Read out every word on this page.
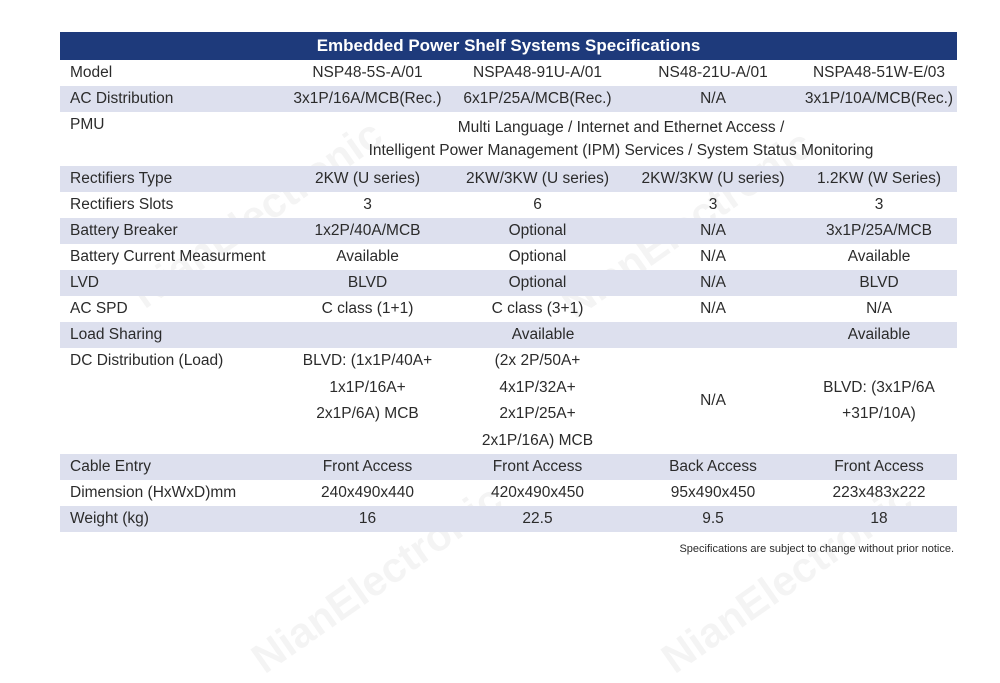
Embedded Power Shelf Systems Specifications
Model	NSP48-5S-A/01	NSPA48-91U-A/01	NS48-21U-A/01	NSPA48-51W-E/03
AC Distribution	3x1P/16A/MCB(Rec.)	6x1P/25A/MCB(Rec.)	N/A	3x1P/10A/MCB(Rec.)
PMU	Multi Language / Internet and Ethernet Access /
Intelligent Power Management (IPM) Services / System Status Monitoring			

Rectifiers Type	2KW (U series)	2KW/3KW (U series)	2KW/3KW (U series)	1.2KW (W Series)
Rectifiers Slots	3	6	3	3
Battery Breaker	1x2P/40A/MCB	Optional	N/A	3x1P/25A/MCB
Battery Current Measurment	Available	Optional	N/A	Available
LVD	BLVD	Optional	N/A	BLVD
AC SPD	C class (1+1)	C class (3+1)	N/A	N/A
Load Sharing	Available			Available
DC Distribution (Load)	BLVD: (1x1P/40A+
1x1P/16A+
2x1P/6A) MCB	(2x 2P/50A+
4x1P/32A+
2x1P/25A+
2x1P/16A) MCB	N/A	BLVD: (3x1P/6A
+31P/10A)

Cable Entry	Front Access	Front Access	Back Access	Front Access
Dimension (HxWxD)mm	240x490x440	420x490x450	95x490x450	223x483x222
Weight (kg)	16	22.5	9.5	18
Specifications are subject to change without prior notice.
